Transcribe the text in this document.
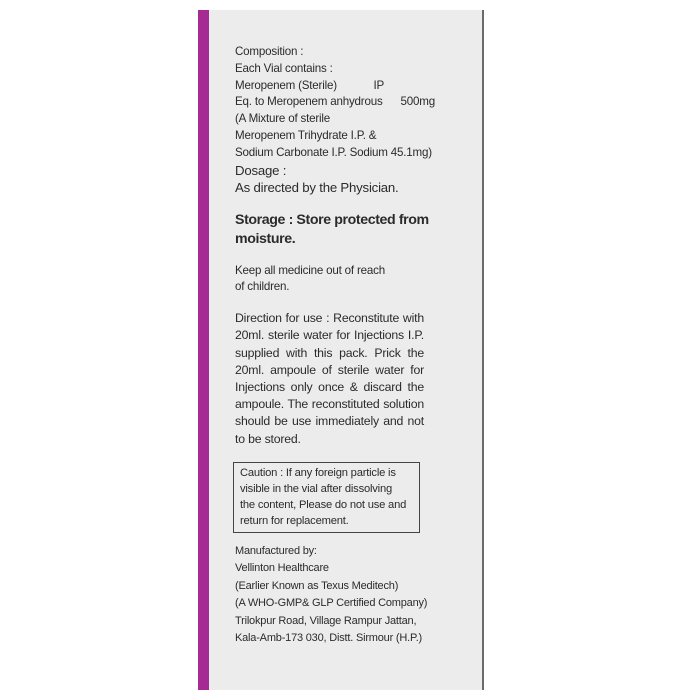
Composition :
Each Vial contains :
Meropenem (Sterile)	IP
Eq. to Meropenem anhydrous 500mg
(A Mixture of sterile
Meropenem Trihydrate I.P. &
Sodium Carbonate I.P. Sodium 45.1mg)
Dosage :
As directed by the Physician.
Storage : Store protected from
moisture.
Keep all medicine out of reach
of children.
Direction for use : Reconstitute with 20ml. sterile water for Injections I.P. supplied with this pack. Prick the 20ml. ampoule of sterile water for Injections only once & discard the ampoule. The reconstituted solution should be use immediately and not to be stored.
Caution : If any foreign particle is
visible in the vial after dissolving
the content, Please do not use and
return for replacement.
Manufactured by:
Vellinton Healthcare
(Earlier Known as Texus Meditech)
(A WHO-GMP& GLP Certified Company)
Trilokpur Road, Village Rampur Jattan,
Kala-Amb-173 030, Distt. Sirmour (H.P.)
